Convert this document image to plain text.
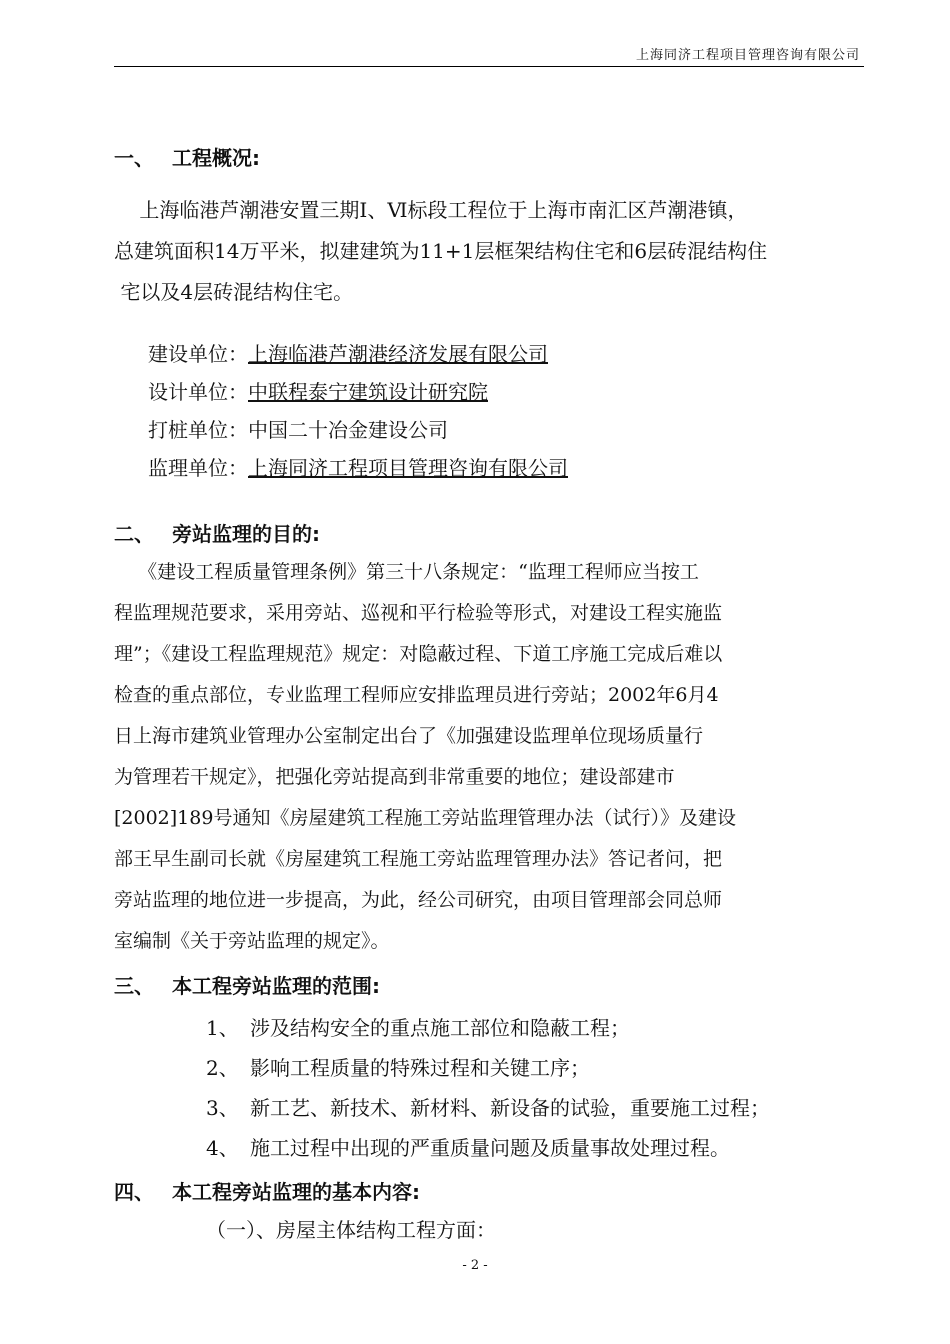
上海同济工程项目管理咨询有限公司
一、 工程概况:
上海临港芦潮港安置三期Ⅰ、Ⅵ标段工程位于上海市南汇区芦潮港镇，
总建筑面积14万平米，拟建建筑为11+1层框架结构住宅和6层砖混结构住
宅以及4层砖混结构住宅。
建设单位：上海临港芦潮港经济发展有限公司
设计单位：中联程泰宁建筑设计研究院
打桩单位：中国二十冶金建设公司
监理单位：上海同济工程项目管理咨询有限公司
二、 旁站监理的目的:
《建设工程质量管理条例》第三十八条规定：“监理工程师应当按工
程监理规范要求，采用旁站、巡视和平行检验等形式，对建设工程实施监
理”；《建设工程监理规范》规定：对隐蔽过程、下道工序施工完成后难以
检查的重点部位，专业监理工程师应安排监理员进行旁站；2002年6月4
日上海市建筑业管理办公室制定出台了《加强建设监理单位现场质量行
为管理若干规定》，把强化旁站提高到非常重要的地位；建设部建市
[2002]189号通知《房屋建筑工程施工旁站监理管理办法（试行）》及建设
部王早生副司长就《房屋建筑工程施工旁站监理管理办法》答记者问，把
旁站监理的地位进一步提高，为此，经公司研究，由项目管理部会同总师
室编制《关于旁站监理的规定》。
三、 本工程旁站监理的范围:
1、 涉及结构安全的重点施工部位和隐蔽工程；
2、 影响工程质量的特殊过程和关键工序；
3、 新工艺、新技术、新材料、新设备的试验，重要施工过程；
4、 施工过程中出现的严重质量问题及质量事故处理过程。
四、 本工程旁站监理的基本内容:
（一）、房屋主体结构工程方面：
- 2 -
